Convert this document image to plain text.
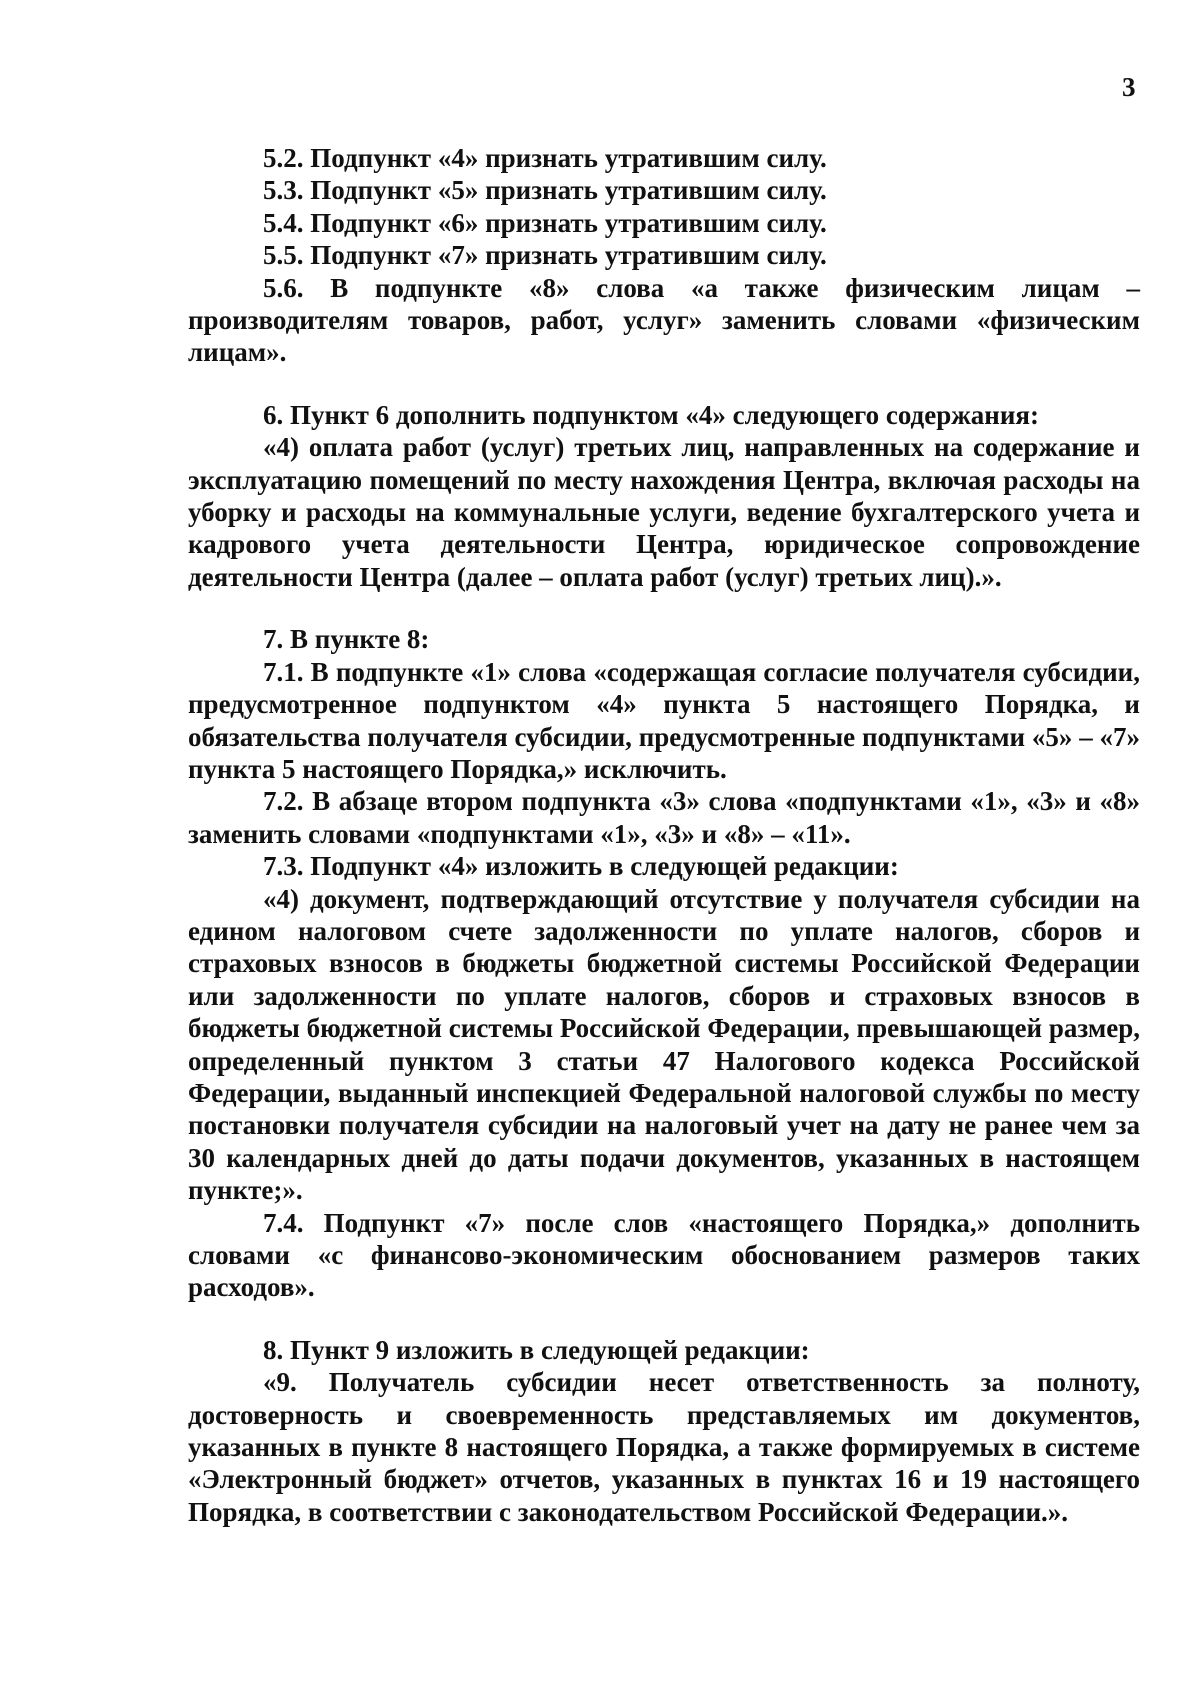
3

5.2. Подпункт «4» признать утратившим силу.

5.3. Подпункт «5» признать утратившим силу.

5.4. Подпункт «6» признать утратившим силу.

5.5. Подпункт «7» признать утратившим силу.

5.6. В подпункте «8» слова «а также физическим лицам – производителям товаров, работ, услуг» заменить словами «физическим лицам».

6. Пункт 6 дополнить подпунктом «4» следующего содержания:

«4) оплата работ (услуг) третьих лиц, направленных на содержание и эксплуатацию помещений по месту нахождения Центра, включая расходы на уборку и расходы на коммунальные услуги, ведение бухгалтерского учета и кадрового учета деятельности Центра, юридическое сопровождение деятельности Центра (далее – оплата работ (услуг) третьих лиц).».

7. В пункте 8:

7.1. В подпункте «1» слова «содержащая согласие получателя субсидии, предусмотренное подпунктом «4» пункта 5 настоящего Порядка, и обязательства получателя субсидии, предусмотренные подпунктами «5» – «7» пункта 5 настоящего Порядка,» исключить.

7.2. В абзаце втором подпункта «3» слова «подпунктами «1», «3» и «8» заменить словами «подпунктами «1», «3» и «8» – «11».

7.3. Подпункт «4» изложить в следующей редакции:

«4) документ, подтверждающий отсутствие у получателя субсидии на едином налоговом счете задолженности по уплате налогов, сборов и страховых взносов в бюджеты бюджетной системы Российской Федерации или задолженности по уплате налогов, сборов и страховых взносов в бюджеты бюджетной системы Российской Федерации, превышающей размер, определенный пунктом 3 статьи 47 Налогового кодекса Российской Федерации, выданный инспекцией Федеральной налоговой службы по месту постановки получателя субсидии на налоговый учет на дату не ранее чем за 30 календарных дней до даты подачи документов, указанных в настоящем пункте;».

7.4. Подпункт «7» после слов «настоящего Порядка,» дополнить словами «с финансово-экономическим обоснованием размеров таких расходов».

8. Пункт 9 изложить в следующей редакции:

«9. Получатель субсидии несет ответственность за полноту, достоверность и своевременность представляемых им документов, указанных в пункте 8 настоящего Порядка, а также формируемых в системе «Электронный бюджет» отчетов, указанных в пунктах 16 и 19 настоящего Порядка, в соответствии с законодательством Российской Федерации.».
